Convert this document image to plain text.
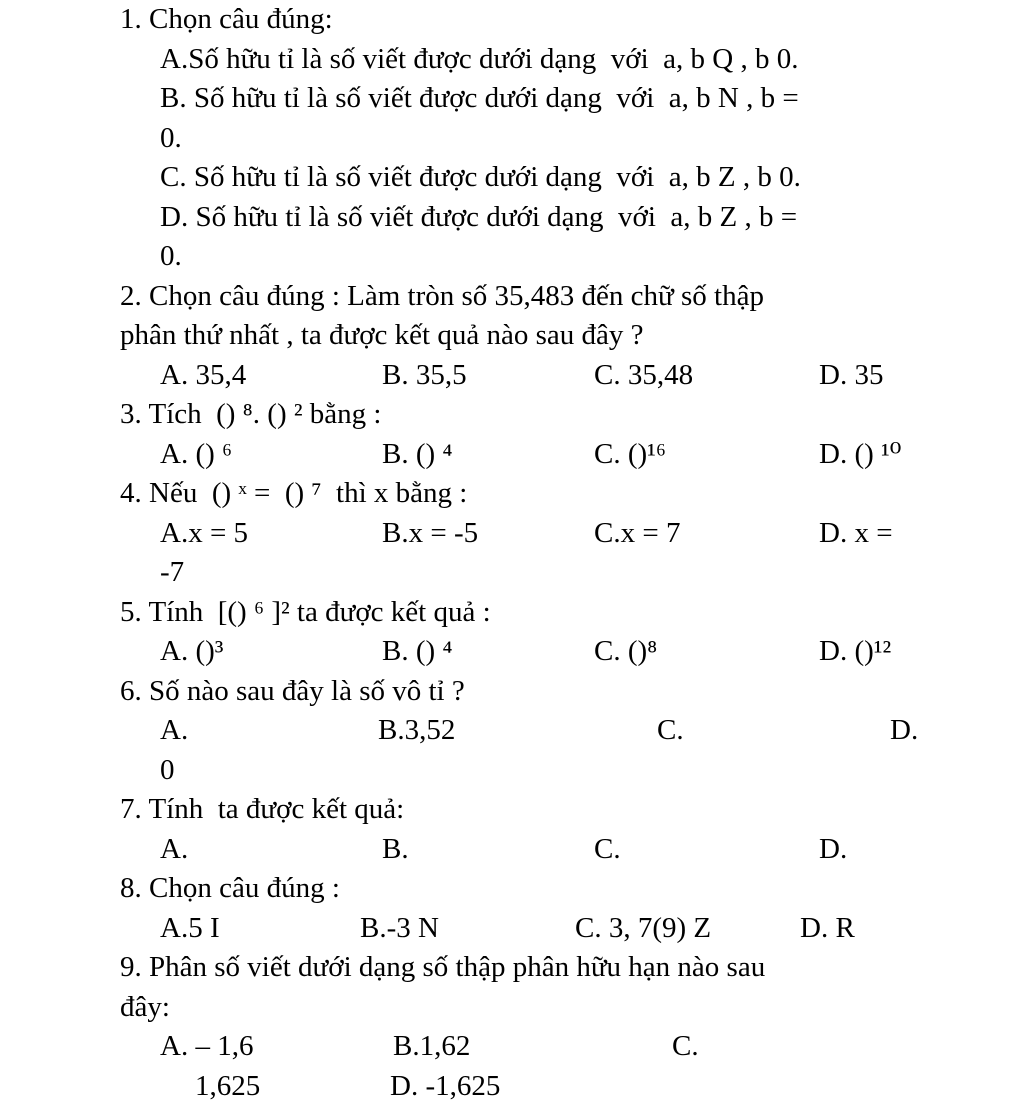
1. Chọn câu đúng:
A.Số hữu tỉ là số viết được dưới dạng  với  a, b Q , b 0.
B. Số hữu tỉ là số viết được dưới dạng  với  a, b N , b =
0.
C. Số hữu tỉ là số viết được dưới dạng  với  a, b Z , b 0.
D. Số hữu tỉ là số viết được dưới dạng  với  a, b Z , b =
0.
2. Chọn câu đúng : Làm tròn số 35,483 đến chữ số thập
phân thứ nhất , ta được kết quả nào sau đây ?
A. 35,4	B. 35,5	C. 35,48	D. 35
3. Tích  () ⁸. () ² bằng :
A. () ⁶	B. () ⁴	C. ()¹⁶	D. () ¹⁰
4. Nếu  () ˣ =  () ⁷  thì x bằng :
A.x = 5	B.x = -5	C.x = 7	D. x =
-7
5. Tính  [() ⁶ ]² ta được kết quả :
A. ()³	B. () ⁴	C. ()⁸	D. ()¹²
6. Số nào sau đây là số vô tỉ ?
A.	B.3,52	C.	D.
0
7. Tính  ta được kết quả:
A.	B.	C.	D.
8. Chọn câu đúng :
A.5 I	B.-3 N	C. 3, 7(9) Z	D. R
9. Phân số viết dưới dạng số thập phân hữu hạn nào sau
đây:
A. – 1,6	B.1,62	C.
1,625	D. -1,625
